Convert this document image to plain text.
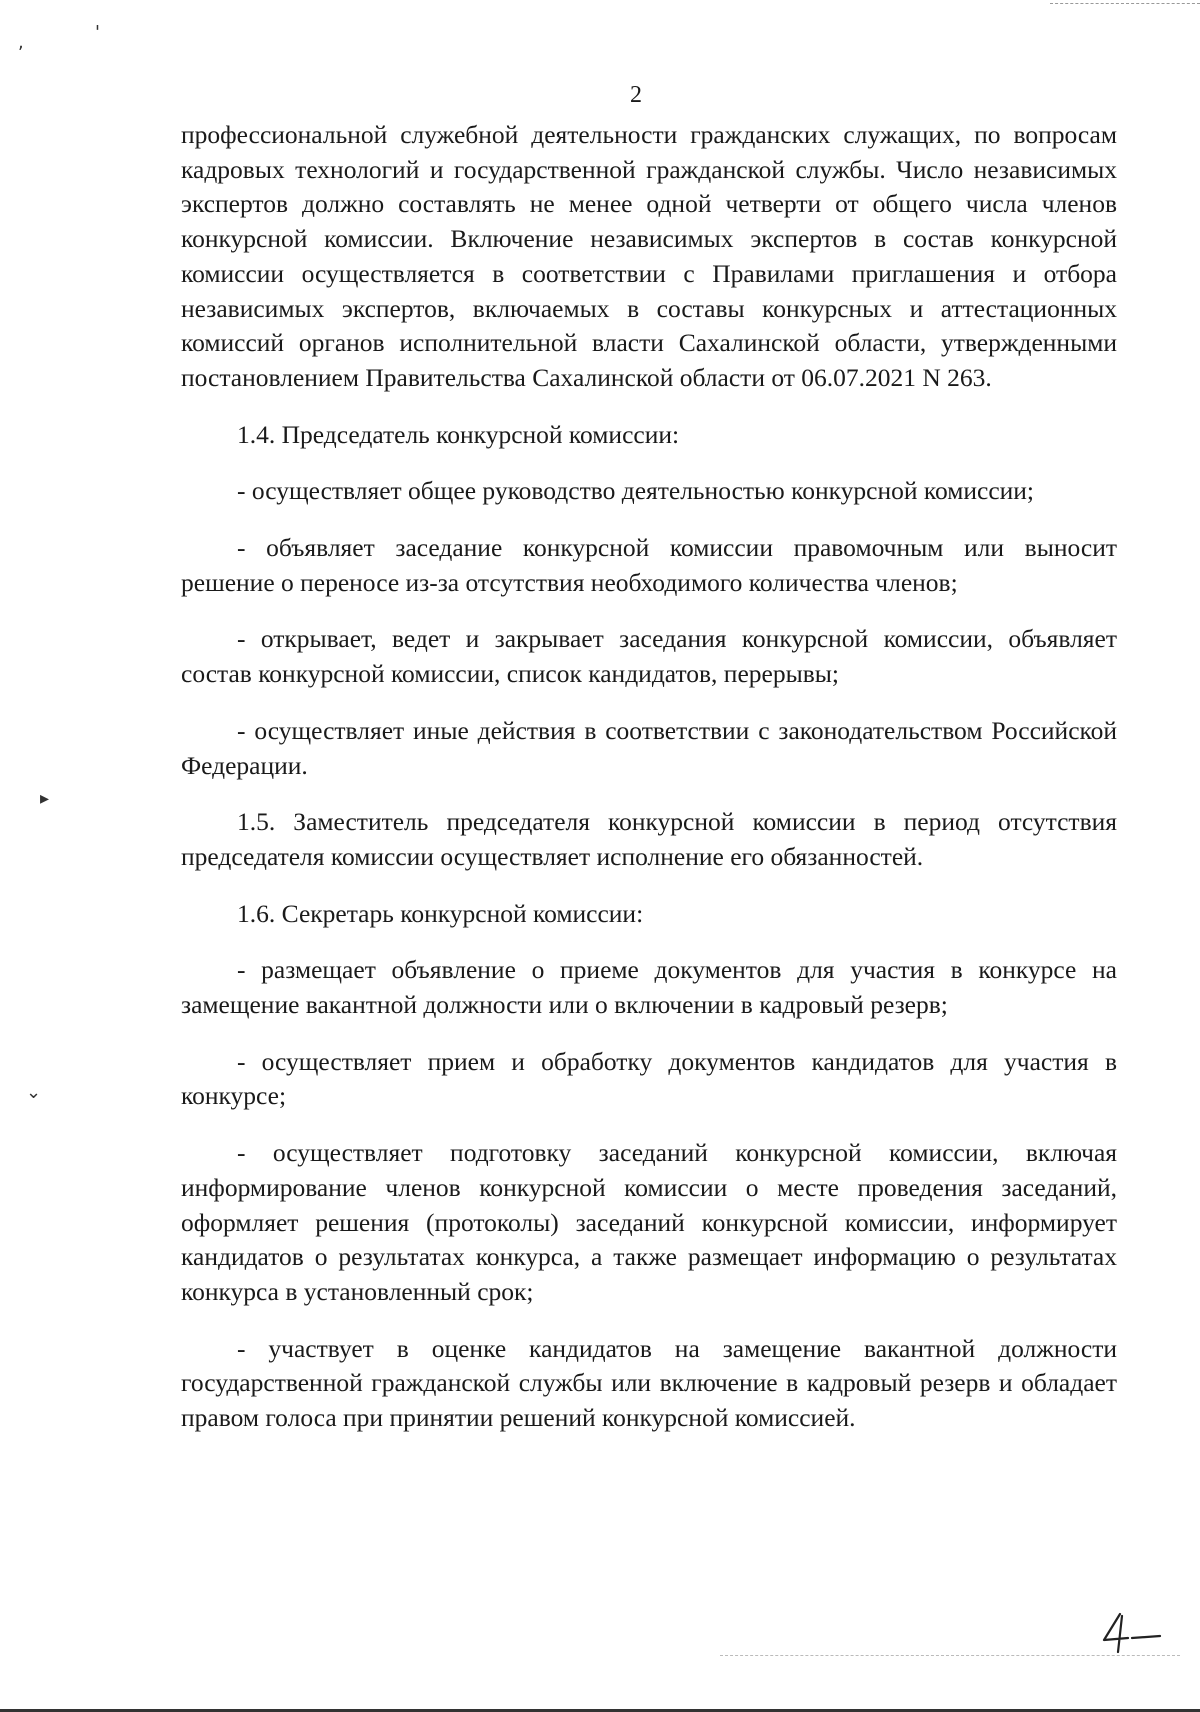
,	'
▸
⌄
2

профессиональной служебной деятельности гражданских служащих, по вопросам кадровых технологий и государственной гражданской службы. Число независимых экспертов должно составлять не менее одной четверти от общего числа членов конкурсной комиссии. Включение независимых экспертов в состав конкурсной комиссии осуществляется в соответствии с Правилами приглашения и отбора независимых экспертов, включаемых в составы конкурсных и аттестационных комиссий органов исполнительной власти Сахалинской области, утвержденными постановлением Правительства Сахалинской области от 06.07.2021 N 263.

1.4. Председатель конкурсной комиссии:

- осуществляет общее руководство деятельностью конкурсной комиссии;

- объявляет заседание конкурсной комиссии правомочным или выносит решение о переносе из-за отсутствия необходимого количества членов;

- открывает, ведет и закрывает заседания конкурсной комиссии, объявляет состав конкурсной комиссии, список кандидатов, перерывы;

- осуществляет иные действия в соответствии с законодательством Российской Федерации.

1.5. Заместитель председателя конкурсной комиссии в период отсутствия председателя комиссии осуществляет исполнение его обязанностей.

1.6. Секретарь конкурсной комиссии:

- размещает объявление о приеме документов для участия в конкурсе на замещение вакантной должности или о включении в кадровый резерв;

- осуществляет прием и обработку документов кандидатов для участия в конкурсе;

- осуществляет подготовку заседаний конкурсной комиссии, включая информирование членов конкурсной комиссии о месте проведения заседаний, оформляет решения (протоколы) заседаний конкурсной комиссии, информирует кандидатов о результатах конкурса, а также размещает информацию о результатах конкурса в установленный срок;

- участвует в оценке кандидатов на замещение вакантной должности государственной гражданской службы или включение в кадровый резерв и обладает правом голоса при принятии решений конкурсной комиссией.
